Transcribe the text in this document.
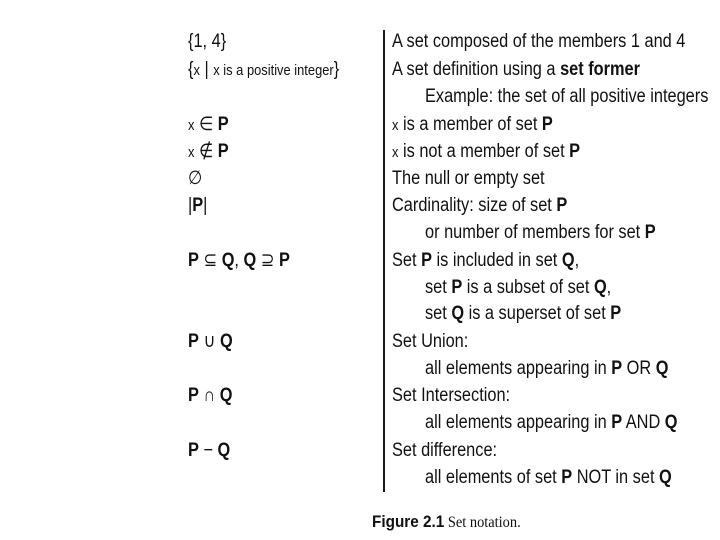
{1, 4}	A set composed of the members 1 and 4
{x | x is a positive integer}	A set definition using a set former
Example: the set of all positive integers
x ∈ P	x is a member of set P
x ∉ P	x is not a member of set P
∅	The null or empty set
|P|	Cardinality: size of set P
or number of members for set P
P ⊆ Q, Q ⊇ P	Set P is included in set Q,
set P is a subset of set Q,
set Q is a superset of set P
P ∪ Q	Set Union:
all elements appearing in P OR Q
P ∩ Q	Set Intersection:
all elements appearing in P AND Q
P − Q	Set difference:
all elements of set P NOT in set Q
Figure 2.1 Set notation.
